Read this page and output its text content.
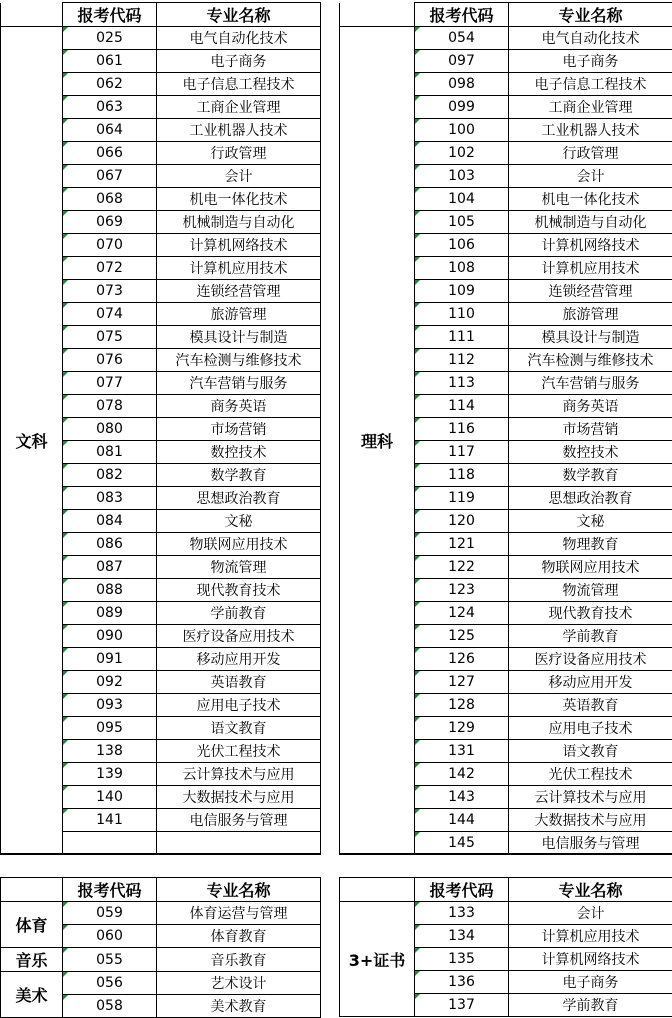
	报考代码	专业名称
文科	025	电气自动化技术
	061	电子商务
	062	电子信息工程技术
	063	工商企业管理
	064	工业机器人技术
	066	行政管理
	067	会计
	068	机电一体化技术
	069	机械制造与自动化
	070	计算机网络技术
	072	计算机应用技术
	073	连锁经营管理
	074	旅游管理
	075	模具设计与制造
	076	汽车检测与维修技术
	077	汽车营销与服务
	078	商务英语
	080	市场营销
	081	数控技术
	082	数学教育
	083	思想政治教育
	084	文秘
	086	物联网应用技术
	087	物流管理
	088	现代教育技术
	089	学前教育
	090	医疗设备应用技术
	091	移动应用开发
	092	英语教育
	093	应用电子技术
	095	语文教育
	138	光伏工程技术
	139	云计算技术与应用
	140	大数据技术与应用
	141	电信服务与管理

	报考代码	专业名称
理科	054	电气自动化技术
	097	电子商务
	098	电子信息工程技术
	099	工商企业管理
	100	工业机器人技术
	102	行政管理
	103	会计
	104	机电一体化技术
	105	机械制造与自动化
	106	计算机网络技术
	108	计算机应用技术
	109	连锁经营管理
	110	旅游管理
	111	模具设计与制造
	112	汽车检测与维修技术
	113	汽车营销与服务
	114	商务英语
	116	市场营销
	117	数控技术
	118	数学教育
	119	思想政治教育
	120	文秘
	121	物理教育
	122	物联网应用技术
	123	物流管理
	124	现代教育技术
	125	学前教育
	126	医疗设备应用技术
	127	移动应用开发
	128	英语教育
	129	应用电子技术
	131	语文教育
	142	光伏工程技术
	143	云计算技术与应用
	144	大数据技术与应用
	145	电信服务与管理
	报考代码	专业名称
体育	059	体育运营与管理
	060	体育教育
音乐	055	音乐教育
美术	056	艺术设计
	058	美术教育
	报考代码	专业名称
3+证书	133	会计
	134	计算机应用技术
	135	计算机网络技术
	136	电子商务
	137	学前教育
